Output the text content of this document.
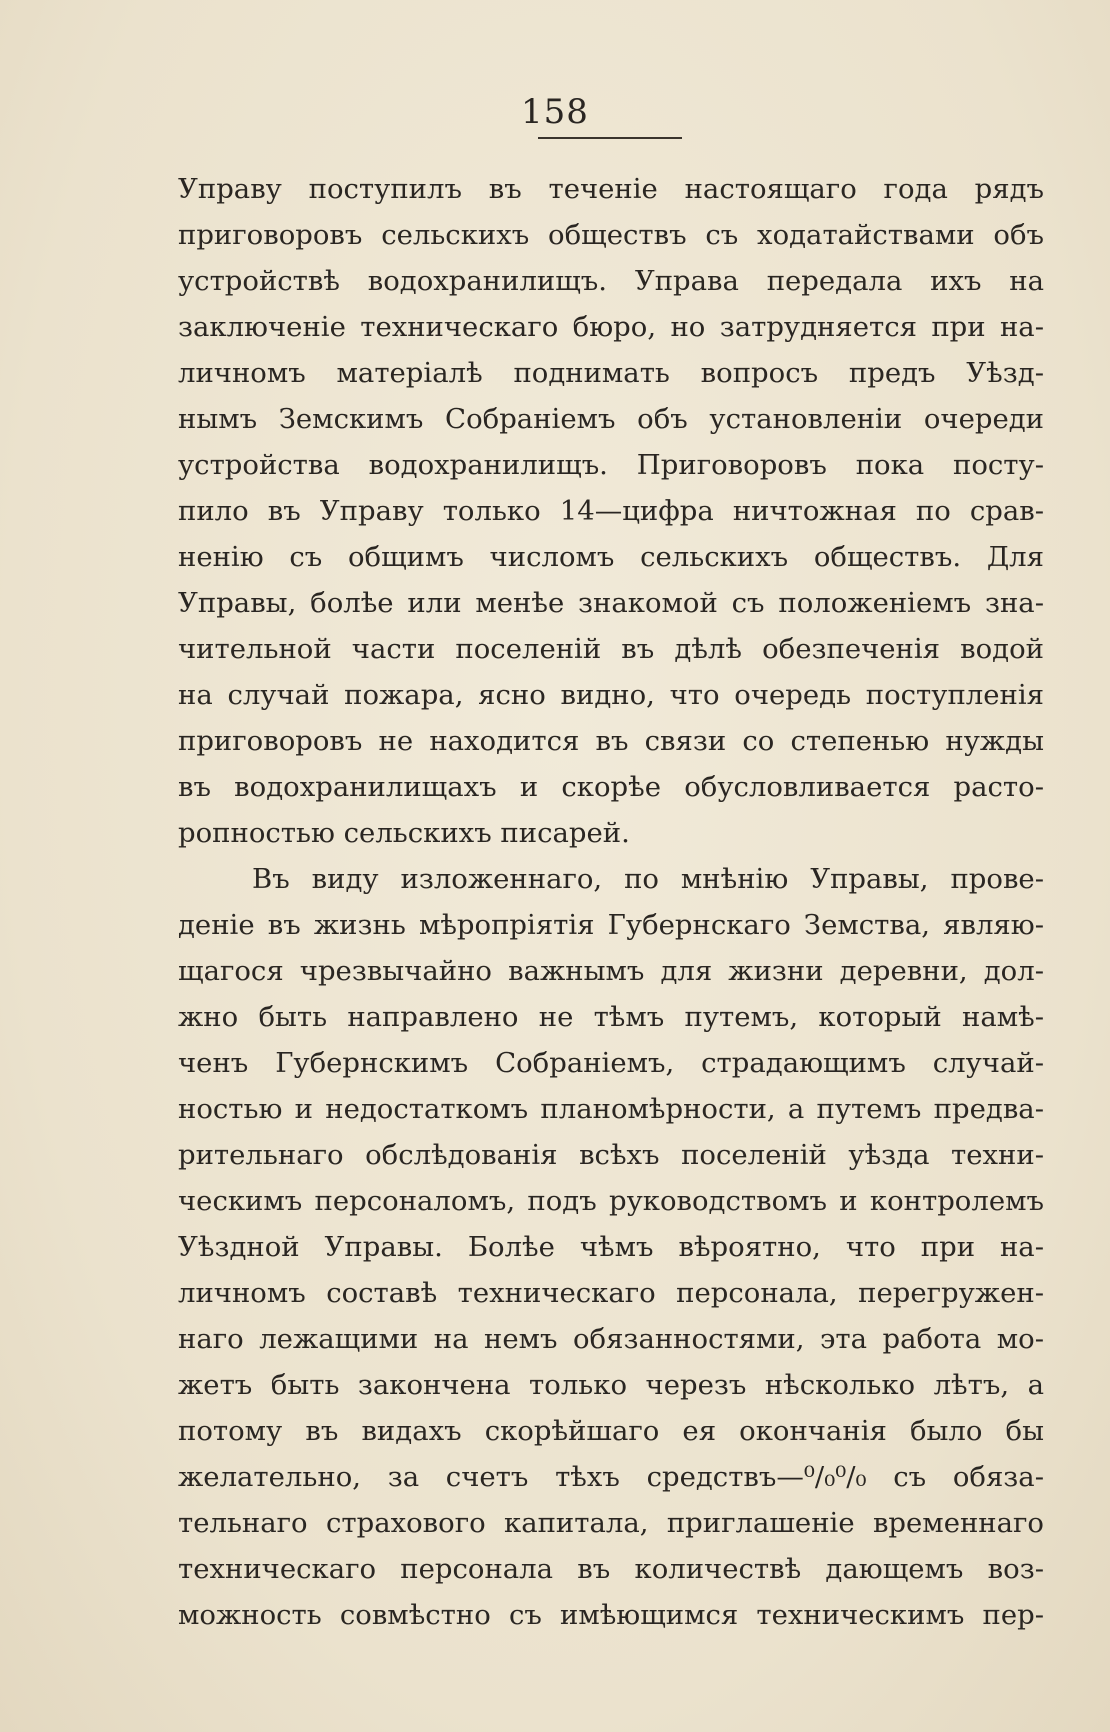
158
Управу поступилъ въ теченіе настоящаго года рядъ
приговоровъ сельскихъ обществъ съ ходатайствами объ
устройствѣ водохранилищъ. Управа передала ихъ на
заключеніе техническаго бюро, но затрудняется при на-
личномъ матеріалѣ поднимать вопросъ предъ Уѣзд-
нымъ Земскимъ Собраніемъ объ установленіи очереди
устройства водохранилищъ. Приговоровъ пока посту-
пило въ Управу только 14—цифра ничтожная по срав-
ненію съ общимъ числомъ сельскихъ обществъ. Для
Управы, болѣе или менѣе знакомой съ положеніемъ зна-
чительной части поселеній въ дѣлѣ обезпеченія водой
на случай пожара, ясно видно, что очередь поступленія
приговоровъ не находится въ связи со степенью нужды
въ водохранилищахъ и скорѣе обусловливается расто-
ропностью сельскихъ писарей.
Въ виду изложеннаго, по мнѣнію Управы, прове-
деніе въ жизнь мѣропріятія Губернскаго Земства, являю-
щагося чрезвычайно важнымъ для жизни деревни, дол-
жно быть направлено не тѣмъ путемъ, который намѣ-
ченъ Губернскимъ Собраніемъ, страдающимъ случай-
ностью и недостаткомъ планомѣрности, а путемъ предва-
рительнаго обслѣдованія всѣхъ поселеній уѣзда техни-
ческимъ персоналомъ, подъ руководствомъ и контролемъ
Уѣздной Управы. Болѣе чѣмъ вѣроятно, что при на-
личномъ составѣ техническаго персонала, перегружен-
наго лежащими на немъ обязанностями, эта работа мо-
жетъ быть закончена только черезъ нѣсколько лѣтъ, а
потому въ видахъ скорѣйшаго ея окончанія было бы
желательно, за счетъ тѣхъ средствъ—⁰/₀⁰/₀ съ обяза-
тельнаго страхового капитала, приглашеніе временнаго
техническаго персонала въ количествѣ дающемъ воз-
можность совмѣстно съ имѣющимся техническимъ пер-
